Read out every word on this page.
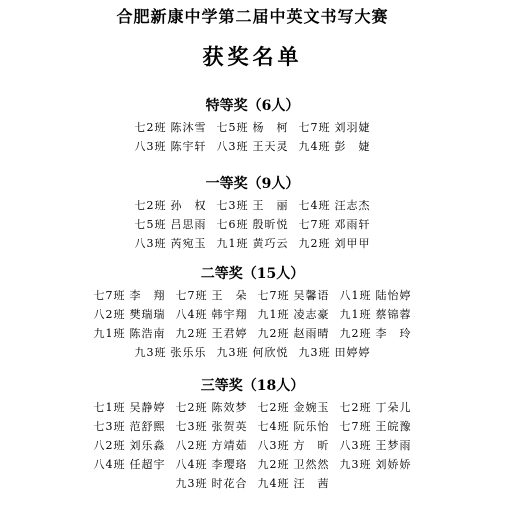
合肥新康中学第二届中英文书写大赛
获奖名单
特等奖（6人）
七2班 陈沐雪 七5班 杨　柯 七7班 刘羽婕
八3班 陈宇轩 八3班 王天灵 九4班 彭　婕
一等奖（9人）
七2班 孙　权 七3班 王　丽 七4班 汪志杰
七5班 吕思雨 七6班 殷昕悦 七7班 邓雨轩
八3班 芮宛玉 九1班 黄巧云 九2班 刘甲甲
二等奖（15人）
七7班 李　翔 七7班 王　朵 七7班 吴馨语 八1班 陆怡婷
八2班 樊瑞瑞 八4班 韩宇翔 九1班 凌志豪 九1班 蔡锦蓉
九1班 陈浩南 九2班 王君婷 九2班 赵雨晴 九2班 李　玲
九3班 张乐乐 九3班 何欣悦 九3班 田婷婷
三等奖（18人）
七1班 吴静婷 七2班 陈效梦 七2班 金婉玉 七2班 丁朵儿
七3班 范舒熙 七3班 张贺英 七4班 阮乐怡 七7班 王皖豫
八2班 刘乐淼 八2班 方靖茹 八3班 方　昕 八3班 王梦雨
八4班 任超宇 八4班 李璎珞 九2班 卫然然 九3班 刘娇娇
九3班 时花合 九4班 汪　茜
